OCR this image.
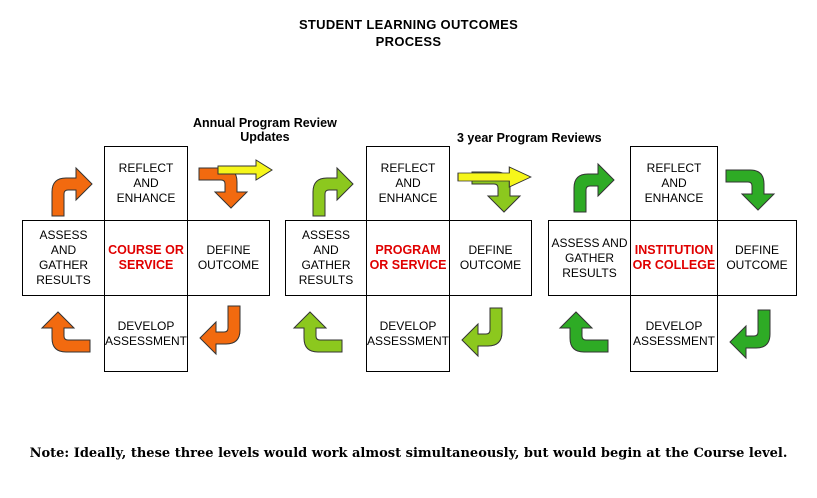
STUDENT LEARNING OUTCOMES
PROCESS
Annual Program Review
Updates	3 year Program Reviews
REFLECT
AND
ENHANCE
ASSESS
AND
GATHER
RESULTS
COURSE OR
SERVICE
DEFINE
OUTCOME
DEVELOP
ASSESSMENT
REFLECT
AND
ENHANCE
ASSESS
AND
GATHER
RESULTS
PROGRAM
OR SERVICE
DEFINE
OUTCOME
DEVELOP
ASSESSMENT
REFLECT
AND
ENHANCE
ASSESS AND
GATHER
RESULTS
INSTITUTION
OR COLLEGE
DEFINE
OUTCOME
DEVELOP
ASSESSMENT
Note: Ideally, these three levels would work almost simultaneously, but would begin at the Course level.
